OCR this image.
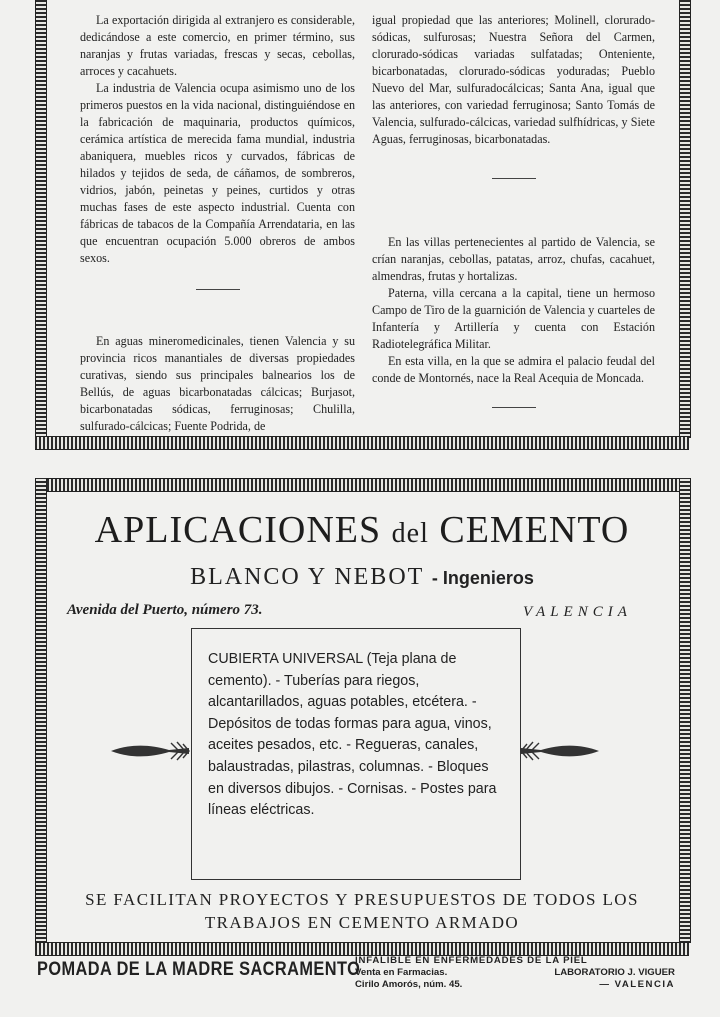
La exportación dirigida al extranjero es considerable, dedicándose a este comercio, en primer término, sus naranjas y frutas variadas, frescas y secas, cebollas, arroces y cacahuets.

La industria de Valencia ocupa asimismo uno de los primeros puestos en la vida nacional, distinguiéndose en la fabricación de maquinaria, productos químicos, cerámica artística de merecida fama mundial, industria abaniquera, muebles ricos y curvados, fábricas de hilados y tejidos de seda, de cáñamos, de sombreros, vidrios, jabón, peinetas y peines, curtidos y otras muchas fases de este aspecto industrial. Cuenta con fábricas de tabacos de la Compañía Arrendataria, en las que encuentran ocupación 5.000 obreros de ambos sexos.

En aguas mineromedicinales, tienen Valencia y su provincia ricos manantiales de diversas propiedades curativas, siendo sus principales balnearios los de Bellús, de aguas bicarbonatadas cálcicas; Burjasot, bicarbonatadas sódicas, ferruginosas; Chulilla, sulfurado-cálcicas; Fuente Podrida, de

igual propiedad que las anteriores; Molinell, clorurado-sódicas, sulfurosas; Nuestra Señora del Carmen, clorurado-sódicas variadas sulfatadas; Onteniente, bicarbonatadas, clorurado-sódicas yoduradas; Pueblo Nuevo del Mar, sulfuradocálcicas; Santa Ana, igual que las anteriores, con variedad ferruginosa; Santo Tomás de Valencia, sulfurado-cálcicas, variedad sulfhídricas, y Siete Aguas, ferruginosas, bicarbonatadas.

En las villas pertenecientes al partido de Valencia, se crían naranjas, cebollas, patatas, arroz, chufas, cacahuet, almendras, frutas y hortalizas.

Paterna, villa cercana a la capital, tiene un hermoso Campo de Tiro de la guarnición de Valencia y cuarteles de Infantería y Artillería y cuenta con Estación Radiotelegráfica Militar.

En esta villa, en la que se admira el palacio feudal del conde de Montornés, nace la Real Acequia de Moncada.

APLICACIONES del CEMENTO
BLANCO Y NEBOT - Ingenieros
Avenida del Puerto, número 73.	VALENCIA
CUBIERTA UNIVERSAL (Teja plana de cemento). - Tuberías para riegos, alcantarillados, aguas potables, etcétera. - Depósitos de todas formas para agua, vinos, aceites pesados, etc. - Regueras, canales, balaustradas, pilastras, columnas. - Bloques en diversos dibujos. - Cornisas. - Postes para líneas eléctricas.
SE FACILITAN PROYECTOS Y PRESUPUESTOS DE TODOS LOS
TRABAJOS EN CEMENTO ARMADO
POMADA DE LA MADRE SACRAMENTO
INFALIBLE EN ENFERMEDADES DE LA PIEL
Venta en Farmacias.	LABORATORIO J. VIGUER
Cirilo Amorós, núm. 45.	— VALENCIA
